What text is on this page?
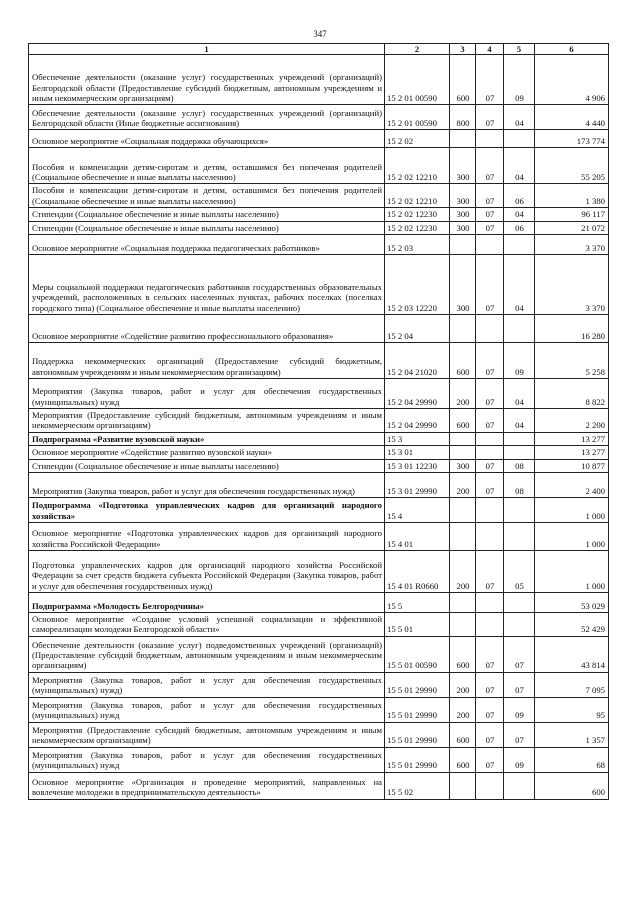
347
1	2	3	4	5	6
Обеспечение деятельности (оказание услуг) государственных учреждений (организаций) Белгородской области (Предоставление субсидий бюджетным, автономным учреждениям и иным некоммерческим организациям)	15 2 01 00590	600	07	09	4 906
Обеспечение деятельности (оказание услуг) государственных учреждений (организаций) Белгородской области (Иные бюджетные ассигнования)	15 2 01 00590	800	07	04	4 440
Основное мероприятие «Социальная поддержка обучающихся»	15 2 02				173 774
Пособия и компенсации детям-сиротам и детям, оставшимся без попечения родителей (Социальное обеспечение и иные выплаты населению)	15 2 02 12210	300	07	04	55 205
Пособия и компенсации детям-сиротам и детям, оставшимся без попечения родителей (Социальное обеспечение и иные выплаты населению)	15 2 02 12210	300	07	06	1 380
Стипендии (Социальное обеспечение и иные выплаты населению)	15 2 02 12230	300	07	04	96 117
Стипендии (Социальное обеспечение и иные выплаты населению)	15 2 02 12230	300	07	06	21 072
Основное мероприятие «Социальная поддержка педагогических работников»	15 2 03				3 370
Меры социальной поддержки педагогических работников государственных образовательных учреждений, расположенных в сельских населенных пунктах, рабочих поселках (поселках городского типа) (Социальное обеспечение и иные выплаты населению)	15 2 03 12220	300	07	04	3 370
Основное мероприятие «Содействие развитию профессионального образования»	15 2 04				16 280
Поддержка некоммерческих организаций (Предоставление субсидий бюджетным, автономным учреждениям и иным некоммерческим организациям)	15 2 04 21020	600	07	09	5 258
Мероприятия (Закупка товаров, работ и услуг для обеспечения государственных (муниципальных) нужд	15 2 04 29990	200	07	04	8 822
Мероприятия (Предоставление субсидий бюджетным, автономным учреждениям и иным некоммерческим организациям)	15 2 04 29990	600	07	04	2 200
Подпрограмма «Развитие вузовской науки»	15 3				13 277
Основное мероприятие «Содействие развитию вузовской науки»	15 3 01				13 277
Стипендии (Социальное обеспечение и иные выплаты населению)	15 3 01 12230	300	07	08	10 877
Мероприятия (Закупка товаров, работ и услуг для обеспечения государственных нужд)	15 3 01 29990	200	07	08	2 400
Подпрограмма «Подготовка управленческих кадров для организаций народного хозяйства»	15 4				1 000
Основное мероприятие «Подготовка управленческих кадров для организаций народного хозяйства Российской Федерации»	15 4 01				1 000
Подготовка управленческих кадров для организаций народного хозяйства Российской Федерации за счет средств бюджета субъекта Российской Федерации (Закупка товаров, работ и услуг для обеспечения государственных нужд)	15 4 01 R0660	200	07	05	1 000
Подпрограмма «Молодость Белгородчины»	15 5				53 029
Основное мероприятие «Создание условий успешной социализации и эффективной самореализации молодежи Белгородской области»	15 5 01				52 429
Обеспечение деятельности (оказание услуг) подведомственных учреждений (организаций) (Предоставление субсидий бюджетным, автономным учреждениям и иным некоммерческим организациям)	15 5 01 00590	600	07	07	43 814
Мероприятия (Закупка товаров, работ и услуг для обеспечения государственных (муниципальных) нужд)	15 5 01 29990	200	07	07	7 095
Мероприятия (Закупка товаров, работ и услуг для обеспечения государственных (муниципальных) нужд	15 5 01 29990	200	07	09	95
Мероприятия (Предоставление субсидий бюджетным, автономным учреждениям и иным некоммерческим организациям)	15 5 01 29990	600	07	07	1 357
Мероприятия (Закупка товаров, работ и услуг для обеспечения государственных (муниципальных) нужд	15 5 01 29990	600	07	09	68
Основное мероприятие «Организация и проведение мероприятий, направленных на вовлечение молодежи в предпринимательскую деятельность»	15 5 02				600
